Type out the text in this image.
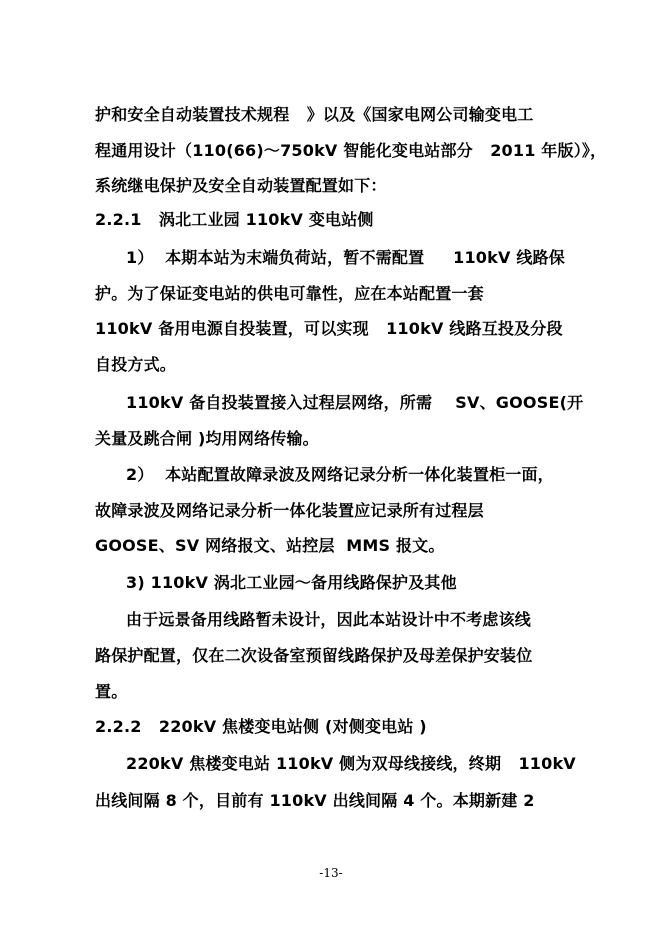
护和安全自动装置技术规程   》以及《国家电网公司输变电工
程通用设计（110(66)～750kV 智能化变电站部分   2011 年版）》，
系统继电保护及安全自动装置配置如下：
2.2.1   涡北工业园 110kV 变电站侧
1）  本期本站为末端负荷站，暂不需配置     110kV 线路保
护。为了保证变电站的供电可靠性，应在本站配置一套
110kV 备用电源自投装置，可以实现   110kV 线路互投及分段
自投方式。
110kV 备自投装置接入过程层网络，所需    SV、GOOSE(开
关量及跳合闸 )均用网络传输。
2）  本站配置故障录波及网络记录分析一体化装置柜一面，
故障录波及网络记录分析一体化装置应记录所有过程层
GOOSE、SV 网络报文、站控层  MMS 报文。
3) 110kV 涡北工业园～备用线路保护及其他
由于远景备用线路暂未设计，因此本站设计中不考虑该线
路保护配置，仅在二次设备室预留线路保护及母差保护安装位
置。
2.2.2   220kV 焦楼变电站侧 (对侧变电站 )
220kV 焦楼变电站 110kV 侧为双母线接线，终期   110kV
出线间隔 8 个，目前有 110kV 出线间隔 4 个。本期新建 2
-13-
